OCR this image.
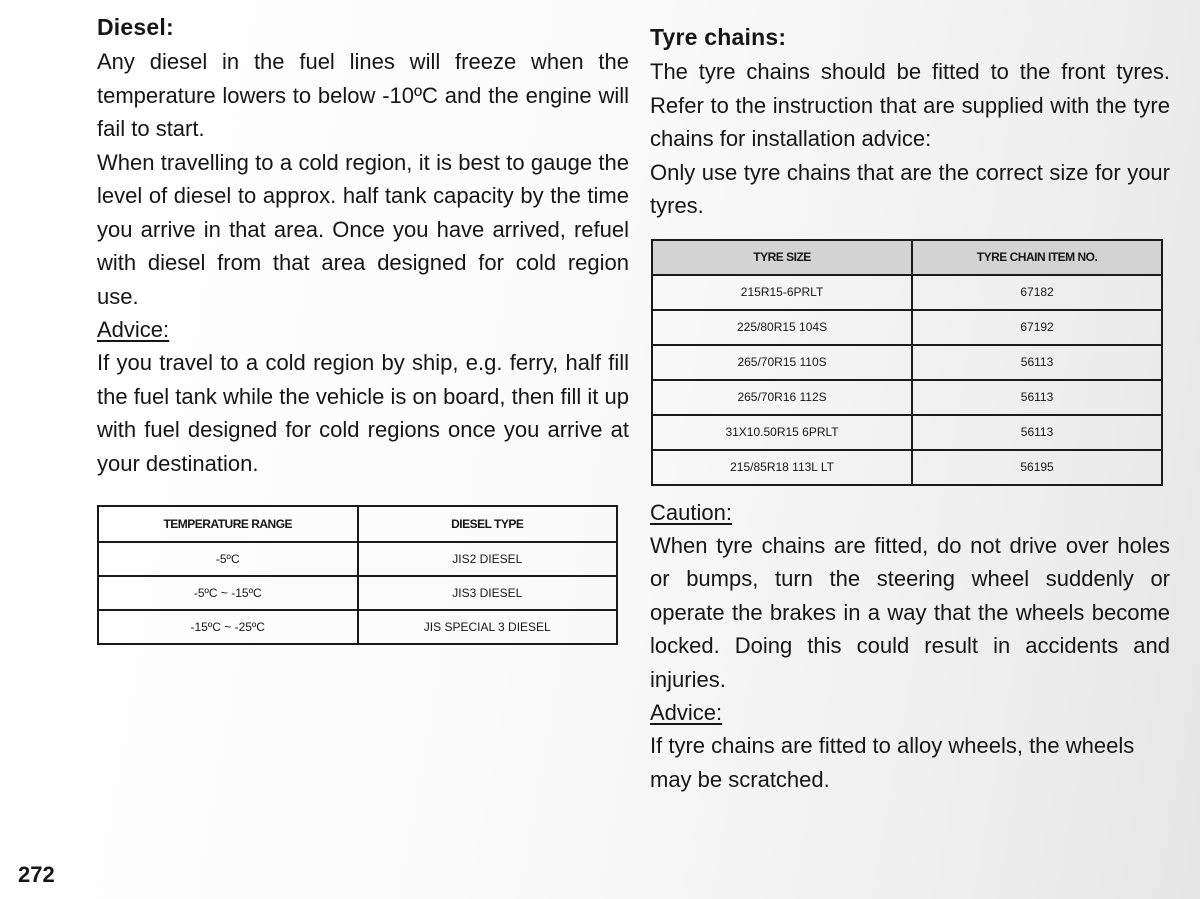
Diesel:

Any diesel in the fuel lines will freeze when the temperature lowers to below -10ºC and the engine will fail to start.

When travelling to a cold region, it is best to gauge the level of diesel to approx. half tank capacity by the time you arrive in that area. Once you have arrived, refuel with diesel from that area designed for cold region use.

Advice:

If you travel to a cold region by ship, e.g. ferry, half fill the fuel tank while the vehicle is on board, then fill it up with fuel designed for cold regions once you arrive at your destination.

TEMPERATURE RANGE	DIESEL TYPE
-5ºC	JIS2 DIESEL
-5ºC ~ -15ºC	JIS3 DIESEL
-15ºC ~ -25ºC	JIS SPECIAL 3 DIESEL
Tyre chains:

The tyre chains should be fitted to the front tyres. Refer to the instruction that are supplied with the tyre chains for installation advice:

Only use tyre chains that are the correct size for your tyres.

TYRE SIZE	TYRE CHAIN ITEM NO.
215R15-6PRLT	67182
225/80R15 104S	67192
265/70R15 110S	56113
265/70R16 112S	56113
31X10.50R15 6PRLT	56113
215/85R18 113L LT	56195
Caution:

When tyre chains are fitted, do not drive over holes or bumps, turn the steering wheel suddenly or operate the brakes in a way that the wheels become locked. Doing this could result in accidents and injuries.

Advice:

If tyre chains are fitted to alloy wheels, the wheels may be scratched.

272
